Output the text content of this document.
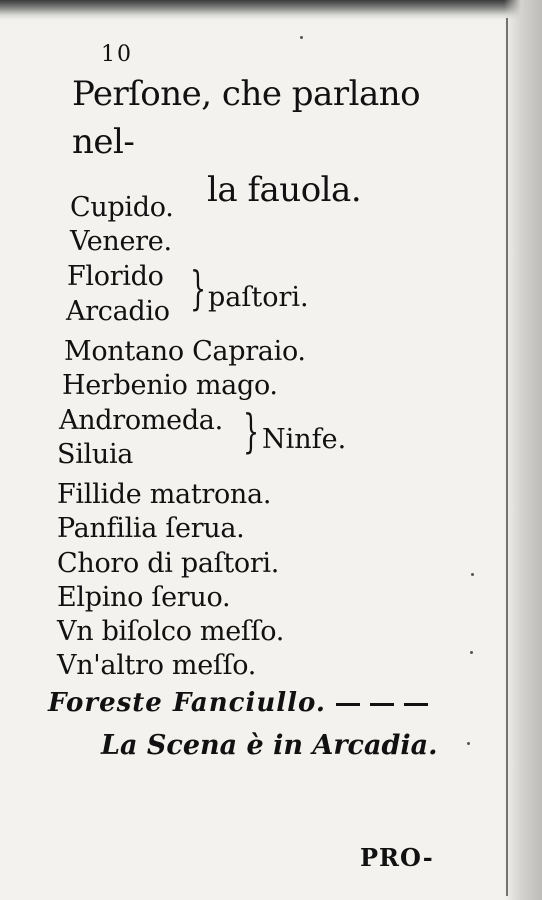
10
Perſone, che parlano nel-
la fauola.
Cupido.
Venere.
Florido
Arcadio } paſtori.
Montano Capraio.
Herbenio mago.
Andromeda.
Siluia } Ninfe.
Fillide matrona.
Panfilia ſerua.
Choro di paſtori.
Elpino ſeruo.
Vn biſolco meſſo.
Vn'altro meſſo.
Foreste Fanciullo.
La Scena è in Arcadia.
PRO-
